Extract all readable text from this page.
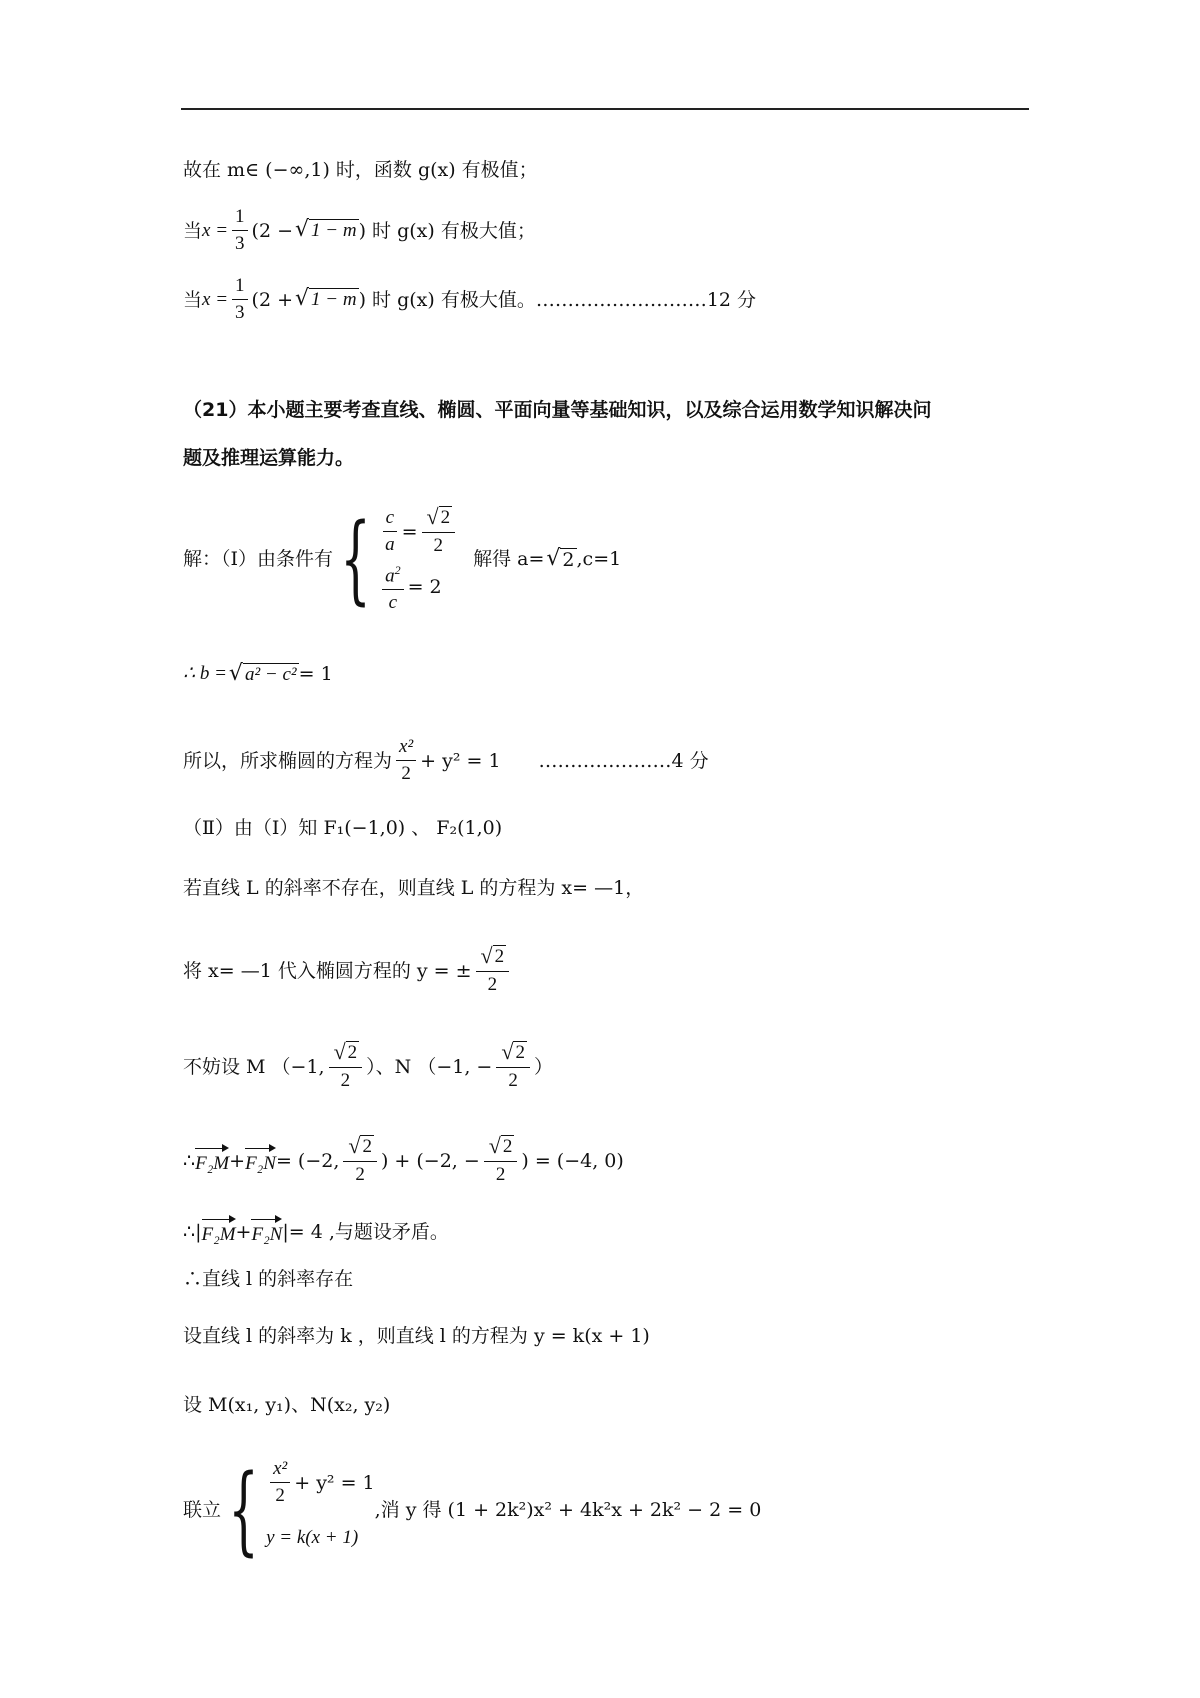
故在 m∈ (−∞,1) 时，函数 g(x) 有极值；
当 $x = \frac{1}{3} (2$ − √ 1 − m ) 时 g(x) 有极大值；
当 $x = \frac{1}{3} (2$ + √ 1 − m ) 时 g(x) 有极大值。………………………12 分
（21）本小题主要考查直线、椭圆、平面向量等基础知识，以及综合运用数学知识解决问
题及推理运算能力。
解：（Ⅰ）由条件有 { $\frac{c}{a} = \frac{√ 2}{2}$
$\frac{a^2}{c} = 2$
解得 a= √ 2 ,c=1
∴ b = √ a² − c² = 1
所以，所求椭圆的方程为 $\frac{\text{x²}}{2} + y^2 = 1$　　…………………4 分
（Ⅱ）由（Ⅰ）知 F₁(−1,0) 、 F₂(1,0)
若直线 L 的斜率不存在，则直线 L 的方程为 x= —1，
将 x= —1 代入椭圆方程的 y = ± $\frac{√ 2}{2}$
不妨设 M （−1, $\frac{√ 2}{2}$ ）、N （−1, − $\frac{√ 2}{2}$ ）
∴ F₂M + F₂N = (−2, $\frac{√ 2}{2}$ ) + (−2, − $\frac{√ 2}{2}$ ) = (−4, 0)
∴| F₂M + F₂N |= 4 ,与题设矛盾。
∴直线 l 的斜率存在
设直线 l 的斜率为 k ，则直线 l 的方程为 y = k(x + 1)
设 M(x₁, y₁)、N(x₂, y₂)
联立 { $\frac{\text{x²}}{2} + y^2 = 1$
y = k(x + 1)
,消 y 得 (1 + 2k²)x² + 4k²x + 2k² − 2 = 0
